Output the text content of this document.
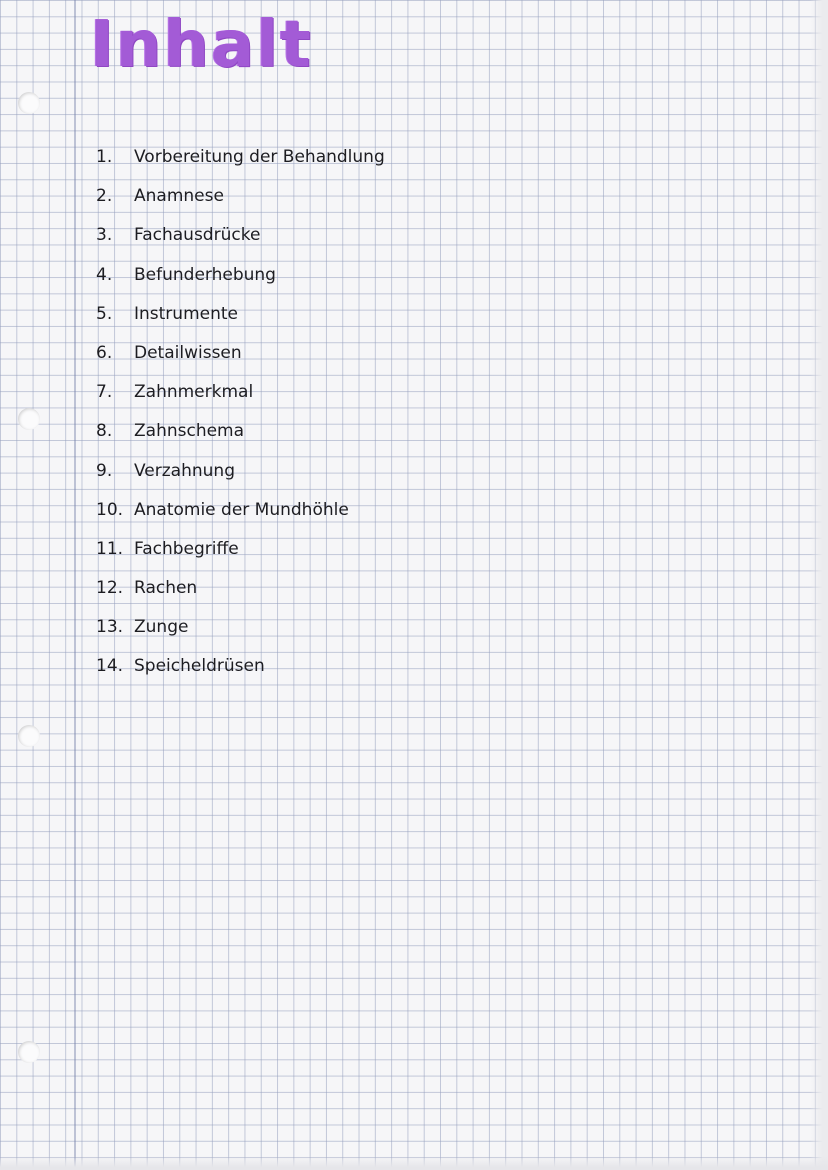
Inhalt
1. Vorbereitung der Behandlung
2. Anamnese
3. Fachausdrücke
4. Befunderhebung
5. Instrumente
6. Detailwissen
7. Zahnmerkmal
8. Zahnschema
9. Verzahnung
10. Anatomie der Mundhöhle
11. Fachbegriffe
12. Rachen
13. Zunge
14. Speicheldrüsen
